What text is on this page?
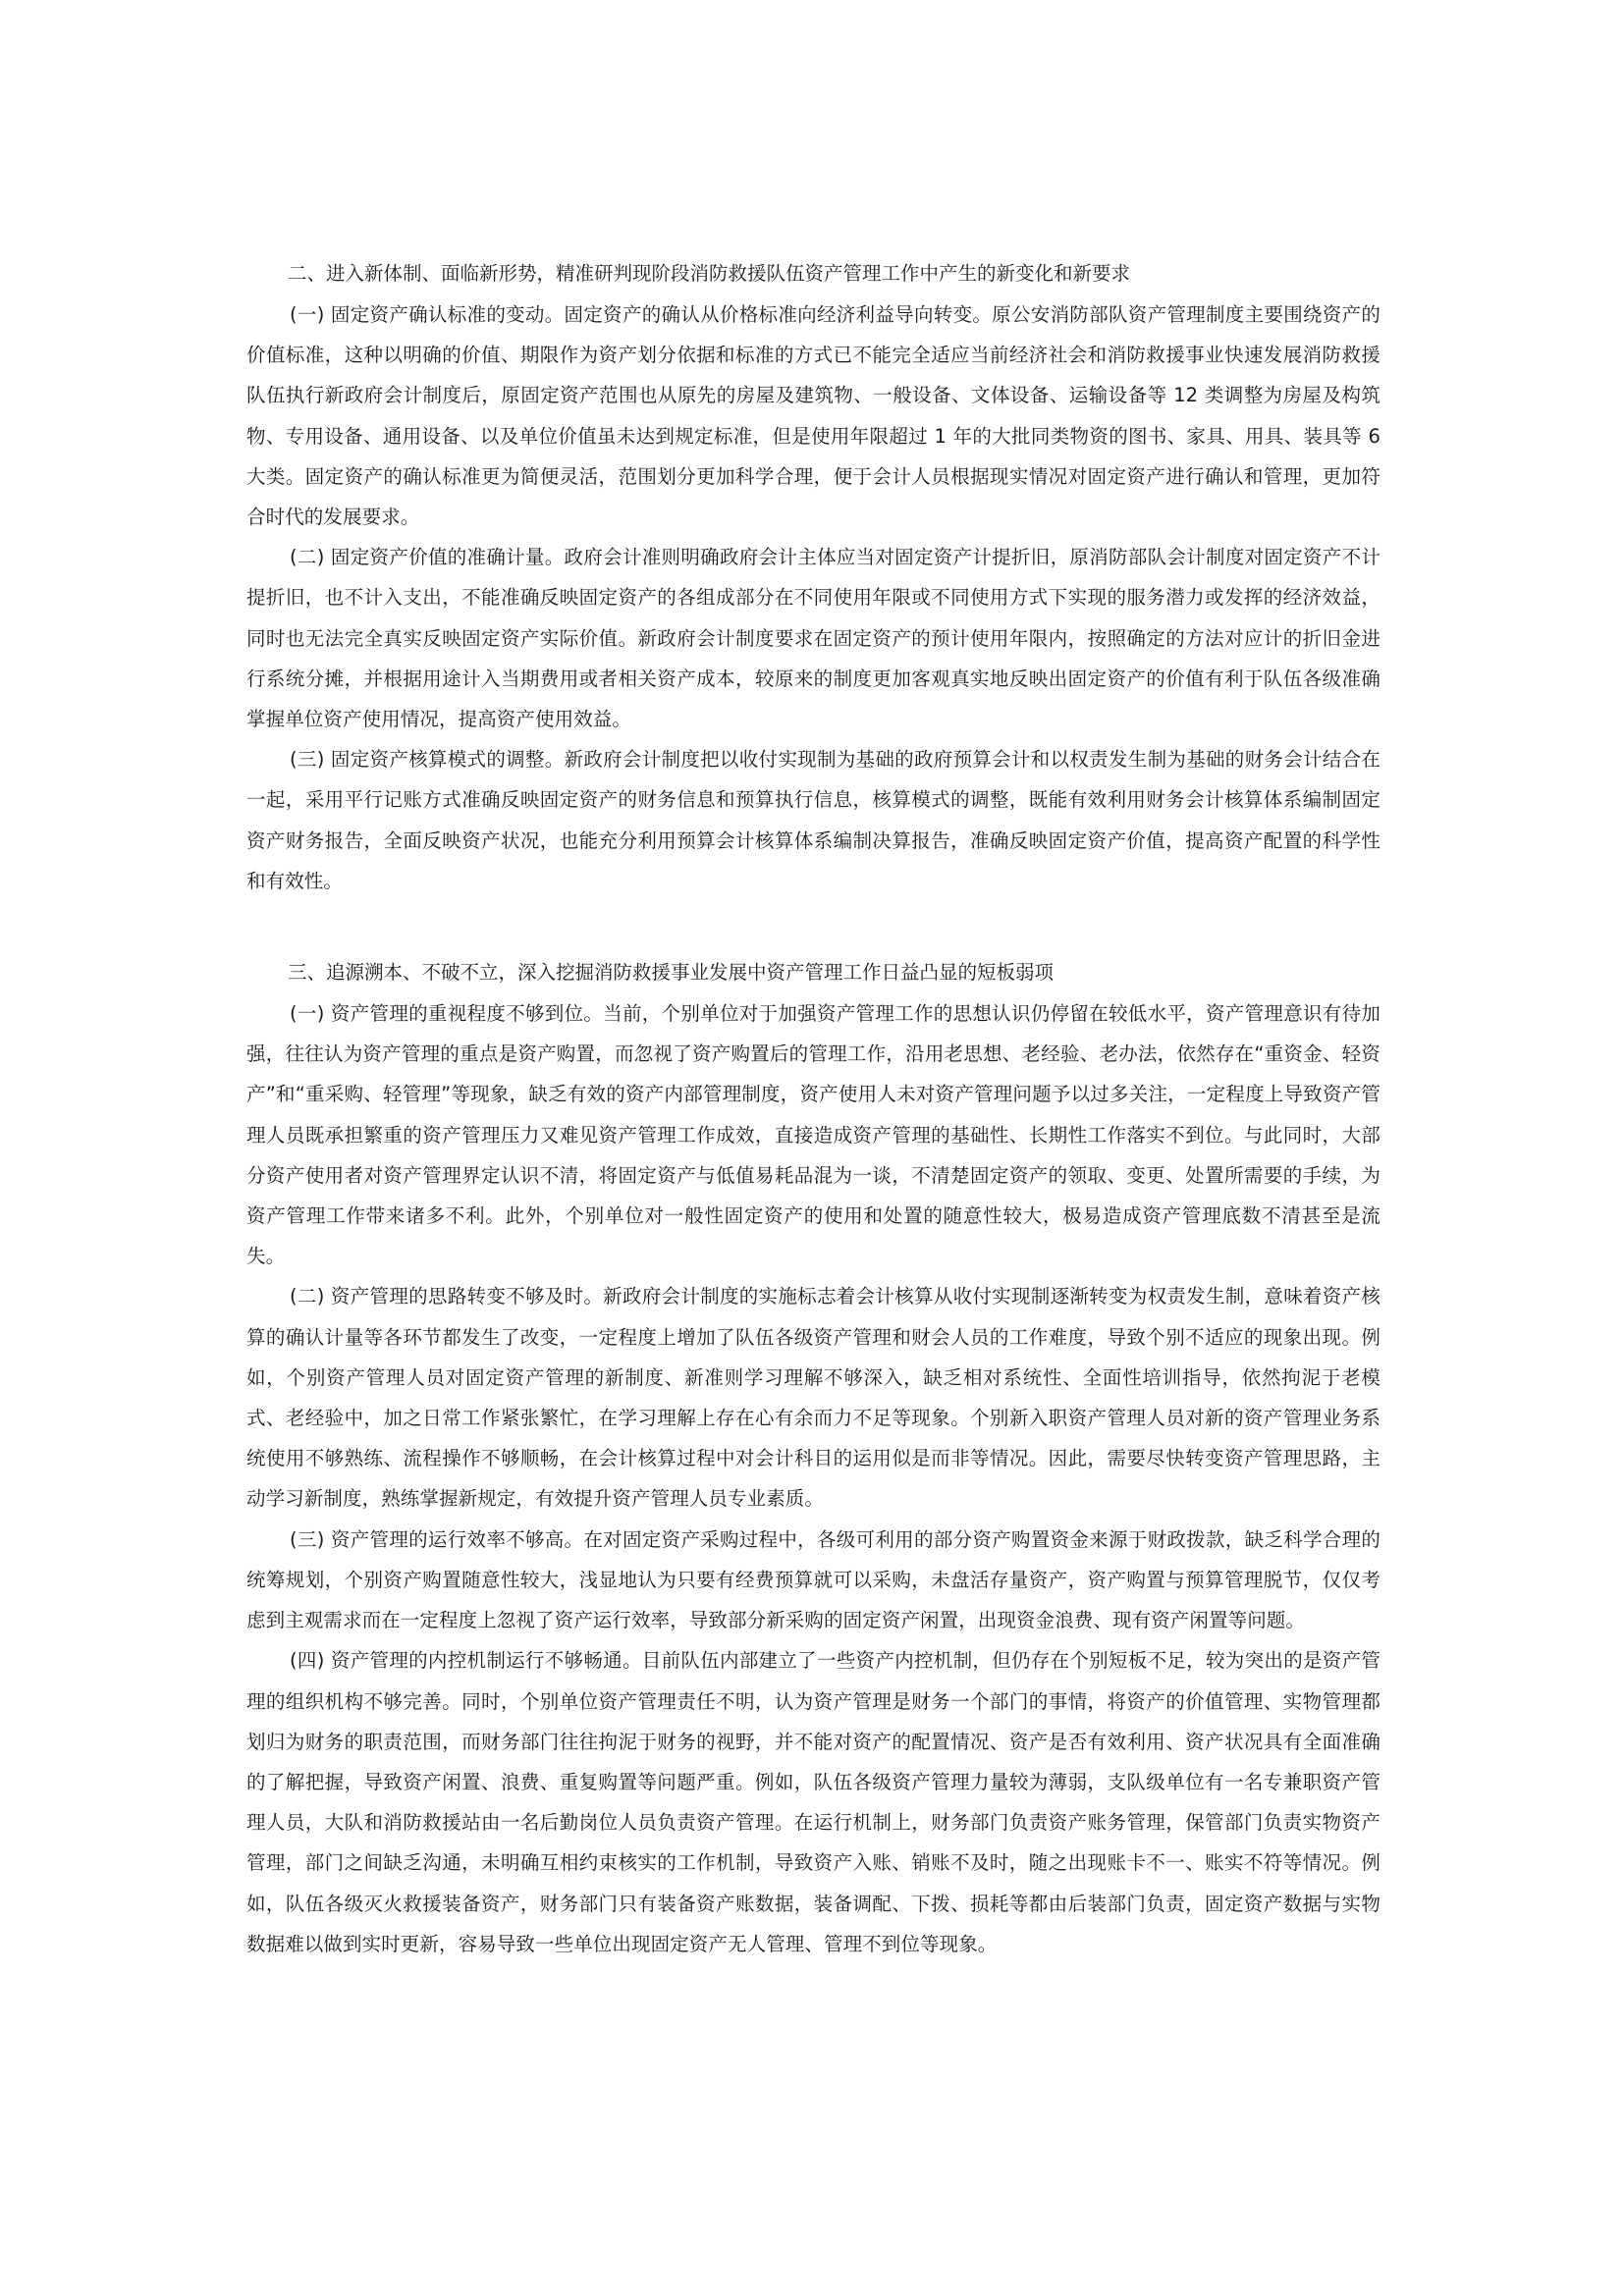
二、进入新体制、面临新形势，精准研判现阶段消防救援队伍资产管理工作中产生的新变化和新要求

(一) 固定资产确认标准的变动。固定资产的确认从价格标准向经济利益导向转变。原公安消防部队资产管理制度主要围绕资产的价值标准，这种以明确的价值、期限作为资产划分依据和标准的方式已不能完全适应当前经济社会和消防救援事业快速发展消防救援队伍执行新政府会计制度后，原固定资产范围也从原先的房屋及建筑物、一般设备、文体设备、运输设备等 12 类调整为房屋及构筑物、专用设备、通用设备、以及单位价值虽未达到规定标准，但是使用年限超过 1 年的大批同类物资的图书、家具、用具、装具等 6 大类。固定资产的确认标准更为简便灵活，范围划分更加科学合理，便于会计人员根据现实情况对固定资产进行确认和管理，更加符合时代的发展要求。

(二) 固定资产价值的准确计量。政府会计准则明确政府会计主体应当对固定资产计提折旧，原消防部队会计制度对固定资产不计提折旧，也不计入支出，不能准确反映固定资产的各组成部分在不同使用年限或不同使用方式下实现的服务潜力或发挥的经济效益，同时也无法完全真实反映固定资产实际价值。新政府会计制度要求在固定资产的预计使用年限内，按照确定的方法对应计的折旧金进行系统分摊，并根据用途计入当期费用或者相关资产成本，较原来的制度更加客观真实地反映出固定资产的价值有利于队伍各级准确掌握单位资产使用情况，提高资产使用效益。

(三) 固定资产核算模式的调整。新政府会计制度把以收付实现制为基础的政府预算会计和以权责发生制为基础的财务会计结合在一起，采用平行记账方式准确反映固定资产的财务信息和预算执行信息，核算模式的调整，既能有效利用财务会计核算体系编制固定资产财务报告，全面反映资产状况，也能充分利用预算会计核算体系编制决算报告，准确反映固定资产价值，提高资产配置的科学性和有效性。

三、追源溯本、不破不立，深入挖掘消防救援事业发展中资产管理工作日益凸显的短板弱项

(一) 资产管理的重视程度不够到位。当前，个别单位对于加强资产管理工作的思想认识仍停留在较低水平，资产管理意识有待加强，往往认为资产管理的重点是资产购置，而忽视了资产购置后的管理工作，沿用老思想、老经验、老办法，依然存在“重资金、轻资产”和“重采购、轻管理”等现象，缺乏有效的资产内部管理制度，资产使用人未对资产管理问题予以过多关注，一定程度上导致资产管理人员既承担繁重的资产管理压力又难见资产管理工作成效，直接造成资产管理的基础性、长期性工作落实不到位。与此同时，大部分资产使用者对资产管理界定认识不清，将固定资产与低值易耗品混为一谈，不清楚固定资产的领取、变更、处置所需要的手续，为资产管理工作带来诸多不利。此外，个别单位对一般性固定资产的使用和处置的随意性较大，极易造成资产管理底数不清甚至是流失。

(二) 资产管理的思路转变不够及时。新政府会计制度的实施标志着会计核算从收付实现制逐渐转变为权责发生制，意味着资产核算的确认计量等各环节都发生了改变，一定程度上增加了队伍各级资产管理和财会人员的工作难度，导致个别不适应的现象出现。例如，个别资产管理人员对固定资产管理的新制度、新准则学习理解不够深入，缺乏相对系统性、全面性培训指导，依然拘泥于老模式、老经验中，加之日常工作紧张繁忙，在学习理解上存在心有余而力不足等现象。个别新入职资产管理人员对新的资产管理业务系统使用不够熟练、流程操作不够顺畅，在会计核算过程中对会计科目的运用似是而非等情况。因此，需要尽快转变资产管理思路，主动学习新制度，熟练掌握新规定，有效提升资产管理人员专业素质。

(三) 资产管理的运行效率不够高。在对固定资产采购过程中，各级可利用的部分资产购置资金来源于财政拨款，缺乏科学合理的统筹规划，个别资产购置随意性较大，浅显地认为只要有经费预算就可以采购，未盘活存量资产，资产购置与预算管理脱节，仅仅考虑到主观需求而在一定程度上忽视了资产运行效率，导致部分新采购的固定资产闲置，出现资金浪费、现有资产闲置等问题。

(四) 资产管理的内控机制运行不够畅通。目前队伍内部建立了一些资产内控机制，但仍存在个别短板不足，较为突出的是资产管理的组织机构不够完善。同时，个别单位资产管理责任不明，认为资产管理是财务一个部门的事情，将资产的价值管理、实物管理都划归为财务的职责范围，而财务部门往往拘泥于财务的视野，并不能对资产的配置情况、资产是否有效利用、资产状况具有全面准确的了解把握，导致资产闲置、浪费、重复购置等问题严重。例如，队伍各级资产管理力量较为薄弱，支队级单位有一名专兼职资产管理人员，大队和消防救援站由一名后勤岗位人员负责资产管理。在运行机制上，财务部门负责资产账务管理，保管部门负责实物资产管理，部门之间缺乏沟通，未明确互相约束核实的工作机制，导致资产入账、销账不及时，随之出现账卡不一、账实不符等情况。例如，队伍各级灭火救援装备资产，财务部门只有装备资产账数据，装备调配、下拨、损耗等都由后装部门负责，固定资产数据与实物数据难以做到实时更新，容易导致一些单位出现固定资产无人管理、管理不到位等现象。
